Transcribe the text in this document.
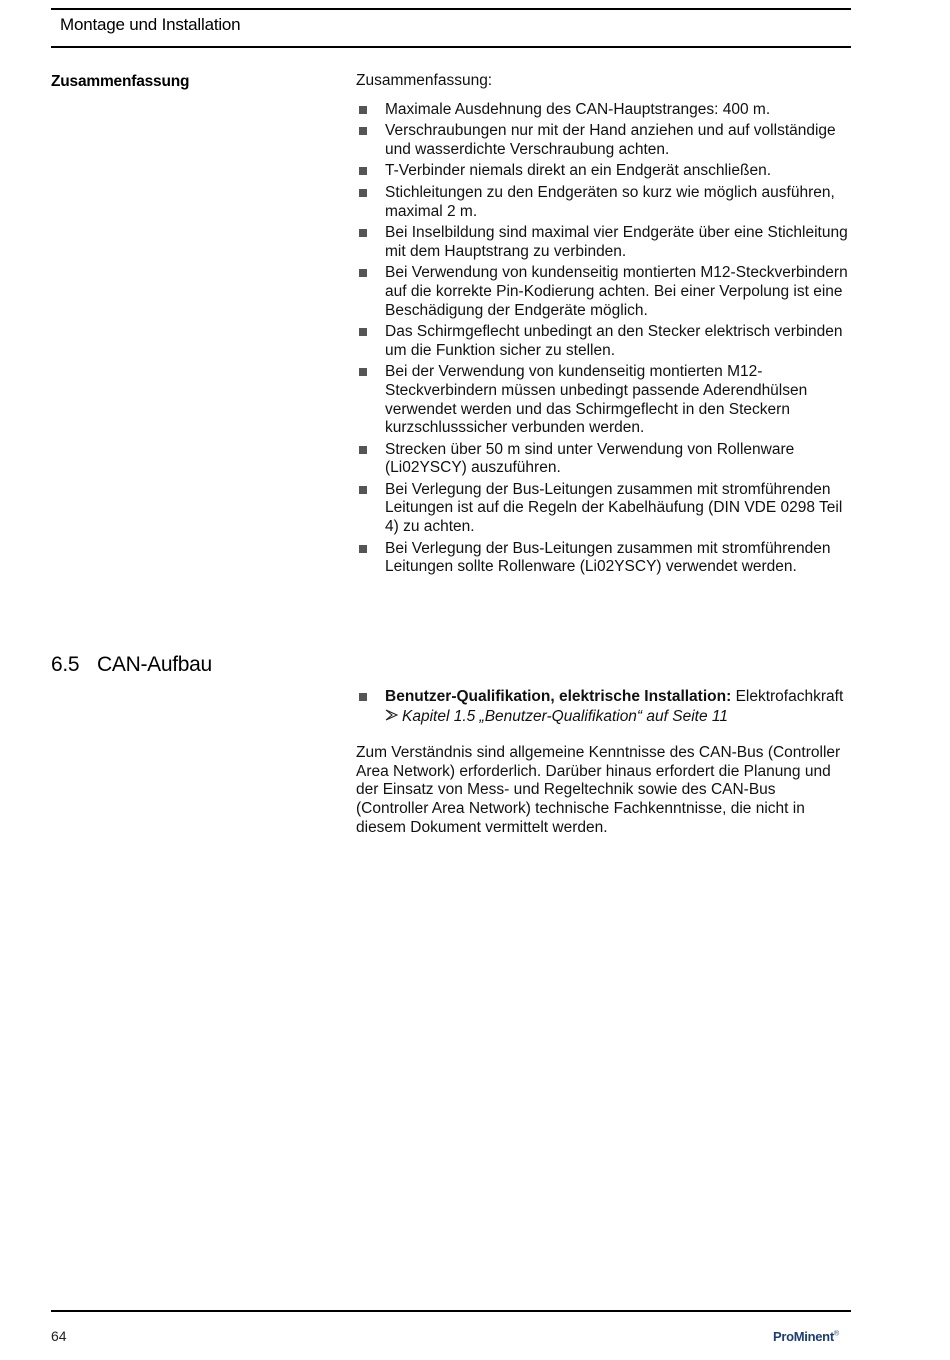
Montage und Installation
Zusammenfassung	Zusammenfassung:
Maximale Ausdehnung des CAN-Hauptstranges: 400 m.
Verschraubungen nur mit der Hand anziehen und auf vollständige und wasserdichte Verschraubung achten.
T-Verbinder niemals direkt an ein Endgerät anschließen.
Stichleitungen zu den Endgeräten so kurz wie möglich ausführen, maximal 2 m.
Bei Inselbildung sind maximal vier Endgeräte über eine Stichleitung mit dem Hauptstrang zu verbinden.
Bei Verwendung von kundenseitig montierten M12-Steckverbindern auf die korrekte Pin-Kodierung achten. Bei einer Verpolung ist eine Beschädigung der Endgeräte möglich.
Das Schirmgeflecht unbedingt an den Stecker elektrisch verbinden um die Funktion sicher zu stellen.
Bei der Verwendung von kundenseitig montierten M12-Steckverbindern müssen unbedingt passende Aderendhülsen verwendet werden und das Schirmgeflecht in den Steckern kurzschlusssicher verbunden werden.
Strecken über 50 m sind unter Verwendung von Rollenware (Li02YSCY) auszuführen.
Bei Verlegung der Bus-Leitungen zusammen mit stromführenden Leitungen ist auf die Regeln der Kabelhäufung (DIN VDE 0298 Teil 4) zu achten.
Bei Verlegung der Bus-Leitungen zusammen mit stromführenden Leitungen sollte Rollenware (Li02YSCY) verwendet werden.
6.5 CAN-Aufbau
Benutzer-Qualifikation, elektrische Installation: Elektrofachkraft
Kapitel 1.5 „Benutzer-Qualifikation“ auf Seite 11
Zum Verständnis sind allgemeine Kenntnisse des CAN-Bus (Controller Area Network) erforderlich. Darüber hinaus erfordert die Planung und der Einsatz von Mess- und Regeltechnik sowie des CAN-Bus (Controller Area Network) technische Fachkenntnisse, die nicht in diesem Dokument vermittelt werden.
64	ProMinent®
